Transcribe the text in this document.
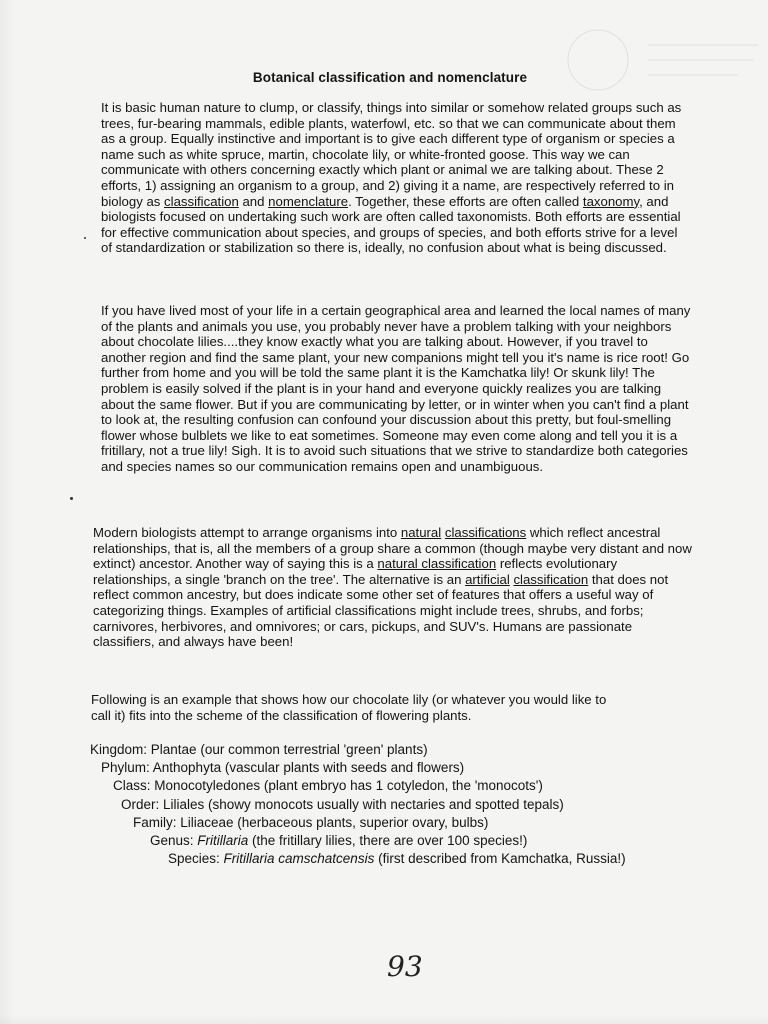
Botanical classification and nomenclature

It is basic human nature to clump, or classify, things into similar or somehow related groups such as trees, fur-bearing mammals, edible plants, waterfowl, etc. so that we can communicate about them as a group. Equally instinctive and important is to give each different type of organism or species a name such as white spruce, martin, chocolate lily, or white-fronted goose. This way we can communicate with others concerning exactly which plant or animal we are talking about. These 2 efforts, 1) assigning an organism to a group, and 2) giving it a name, are respectively referred to in biology as classification and nomenclature. Together, these efforts are often called taxonomy, and biologists focused on undertaking such work are often called taxonomists. Both efforts are essential for effective communication about species, and groups of species, and both efforts strive for a level of standardization or stabilization so there is, ideally, no confusion about what is being discussed.

If you have lived most of your life in a certain geographical area and learned the local names of many of the plants and animals you use, you probably never have a problem talking with your neighbors about chocolate lilies....they know exactly what you are talking about. However, if you travel to another region and find the same plant, your new companions might tell you it's name is rice root! Go further from home and you will be told the same plant it is the Kamchatka lily! Or skunk lily! The problem is easily solved if the plant is in your hand and everyone quickly realizes you are talking about the same flower. But if you are communicating by letter, or in winter when you can't find a plant to look at, the resulting confusion can confound your discussion about this pretty, but foul-smelling flower whose bulblets we like to eat sometimes. Someone may even come along and tell you it is a fritillary, not a true lily! Sigh. It is to avoid such situations that we strive to standardize both categories and species names so our communication remains open and unambiguous.

Modern biologists attempt to arrange organisms into natural classifications which reflect ancestral relationships, that is, all the members of a group share a common (though maybe very distant and now extinct) ancestor. Another way of saying this is a natural classification reflects evolutionary relationships, a single 'branch on the tree'. The alternative is an artificial classification that does not reflect common ancestry, but does indicate some other set of features that offers a useful way of categorizing things. Examples of artificial classifications might include trees, shrubs, and forbs; carnivores, herbivores, and omnivores; or cars, pickups, and SUV's. Humans are passionate classifiers, and always have been!

Following is an example that shows how our chocolate lily (or whatever you would like to
call it) fits into the scheme of the classification of flowering plants.

Kingdom: Plantae (our common terrestrial 'green' plants)
Phylum: Anthophyta (vascular plants with seeds and flowers)
Class: Monocotyledones (plant embryo has 1 cotyledon, the 'monocots')
Order: Liliales (showy monocots usually with nectaries and spotted tepals)
Family: Liliaceae (herbaceous plants, superior ovary, bulbs)
Genus: Fritillaria (the fritillary lilies, there are over 100 species!)
Species: Fritillaria camschatcensis (first described from Kamchatka, Russia!)
93
